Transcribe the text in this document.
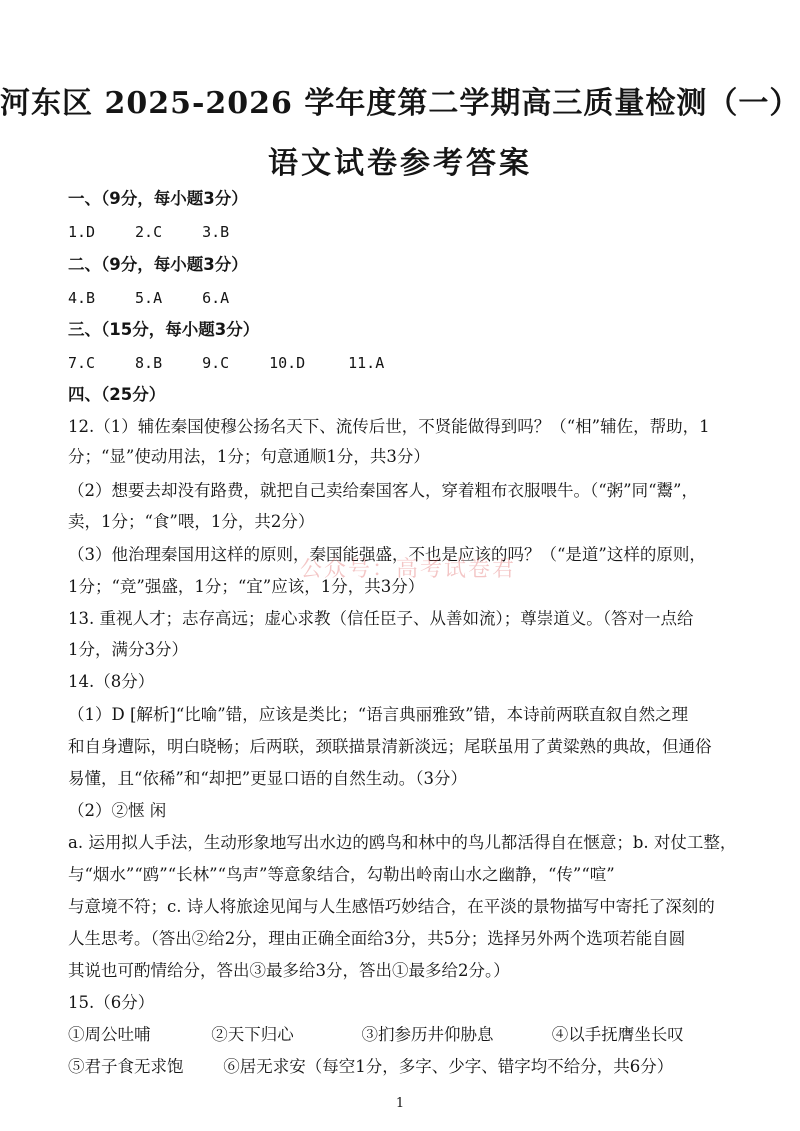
河东区 2025-2026 学年度第二学期高三质量检测（一）
语文试卷参考答案
一、（9分，每小题3分）
1.D	2.C	3.B
二、（9分，每小题3分）
4.B	5.A	6.A
三、（15分，每小题3分）
7.C	8.B	9.C	10.D	11.A
四、（25分）
12.（1）辅佐秦国使穆公扬名天下、流传后世，不贤能做得到吗？（“相”辅佐，帮助，1
分；“显”使动用法，1分；句意通顺1分，共3分）
（2）想要去却没有路费，就把自己卖给秦国客人，穿着粗布衣服喂牛。（“粥”同“鬻”，
卖，1分；“食”喂，1分，共2分）
（3）他治理秦国用这样的原则，秦国能强盛，不也是应该的吗？（“是道”这样的原则，
1分；“竞”强盛，1分；“宜”应该，1分，共3分）
公众号：高考试卷君
13. 重视人才；志存高远；虚心求教（信任臣子、从善如流）；尊崇道义。（答对一点给
1分，满分3分）
14.（8分）
（1）D [解析]“比喻”错，应该是类比；“语言典丽雅致”错，本诗前两联直叙自然之理
和自身遭际，明白晓畅；后两联，颈联描景清新淡远；尾联虽用了黄粱熟的典故，但通俗
易懂，且“依稀”和“却把”更显口语的自然生动。（3分）
（2）②惬 闲
a. 运用拟人手法，生动形象地写出水边的鸥鸟和林中的鸟儿都活得自在惬意；b. 对仗工整，
与“烟水”“鸥”“长林”“鸟声”等意象结合，勾勒出岭南山水之幽静，“传”“喧”
与意境不符；c. 诗人将旅途见闻与人生感悟巧妙结合，在平淡的景物描写中寄托了深刻的
人生思考。（答出②给2分，理由正确全面给3分，共5分；选择另外两个选项若能自圆
其说也可酌情给分，答出③最多给3分，答出①最多给2分。）
15.（6分）
①周公吐哺	②天下归心	③扪参历井仰胁息	④以手抚膺坐长叹
⑤君子食无求饱 ⑥居无求安（每空1分，多字、少字、错字均不给分，共6分）
1
